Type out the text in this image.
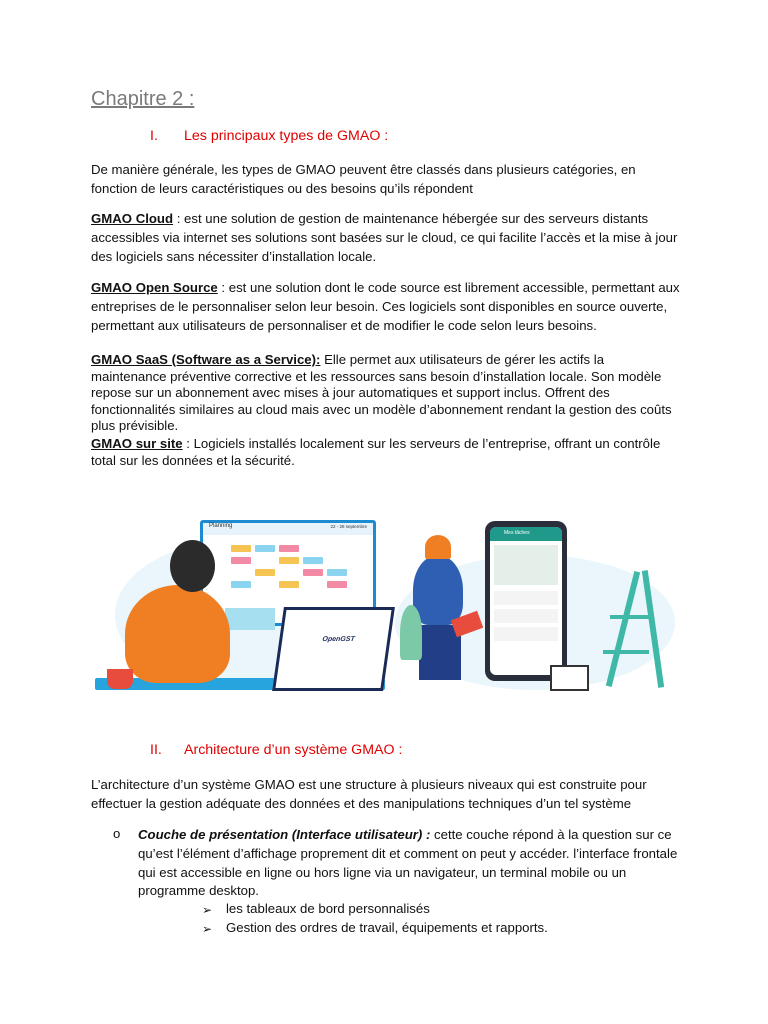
Chapitre 2 :
I. Les principaux types de GMAO :
De manière générale, les types de GMAO peuvent être classés dans plusieurs catégories, en fonction de leurs caractéristiques ou des besoins qu’ils répondent
GMAO Cloud : est une solution de gestion de maintenance hébergée sur des serveurs distants accessibles via internet ses solutions sont basées sur le cloud, ce qui facilite l’accès et la mise à jour des logiciels sans nécessiter d’installation locale.
GMAO Open Source : est une solution dont le code source est librement accessible, permettant aux entreprises de le personnaliser selon leur besoin. Ces logiciels sont disponibles en source ouverte, permettant aux utilisateurs de personnaliser et de modifier le code selon leurs besoins.
GMAO SaaS (Software as a Service): Elle permet aux utilisateurs de gérer les actifs la maintenance préventive corrective et les ressources sans besoin d’installation locale. Son modèle repose sur un abonnement avec mises à jour automatiques et support inclus. Offrent des fonctionnalités similaires au cloud mais avec un modèle d’abonnement rendant la gestion des coûts plus prévisible.
GMAO sur site : Logiciels installés localement sur les serveurs de l’entreprise, offrant un contrôle total sur les données et la sécurité.
Planning	22 - 28 septembre
OpenGST
Mes tâches
II. Architecture d’un système GMAO :
L’architecture d’un système GMAO est une structure à plusieurs niveaux qui est construite pour effectuer la gestion adéquate des données et des manipulations techniques d’un tel système
o Couche de présentation (Interface utilisateur) : cette couche répond à la question sur ce qu’est l’élément d’affichage proprement dit et comment on peut y accéder. l’interface frontale qui est accessible en ligne ou hors ligne via un navigateur, un terminal mobile ou un programme desktop.
➢ les tableaux de bord personnalisés
➢ Gestion des ordres de travail, équipements et rapports.
